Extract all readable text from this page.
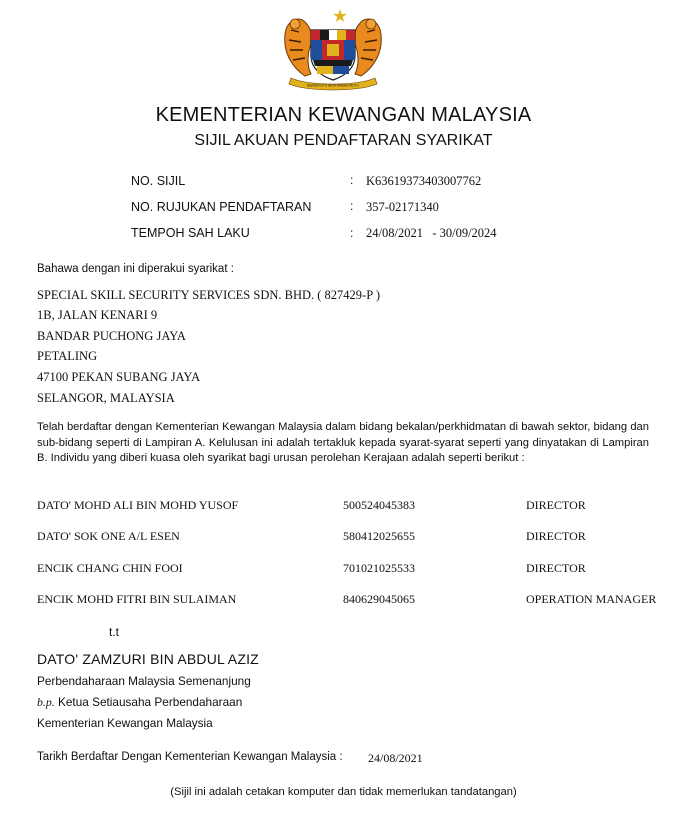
BERSEKUTU BERTAMBAH MUTU
KEMENTERIAN KEWANGAN MALAYSIA
SIJIL AKUAN PENDAFTARAN SYARIKAT
NO. SIJIL	: K63619373403007762
NO. RUJUKAN PENDAFTARAN	: 357-02171340
TEMPOH SAH LAKU	: 24/08/2021   - 30/09/2024
Bahawa dengan ini diperakui syarikat :
SPECIAL SKILL SECURITY SERVICES SDN. BHD. ( 827429-P )
1B, JALAN KENARI 9
BANDAR PUCHONG JAYA
PETALING
47100 PEKAN SUBANG JAYA
SELANGOR, MALAYSIA
Telah berdaftar dengan Kementerian Kewangan Malaysia dalam bidang bekalan/perkhidmatan di bawah sektor, bidang dan sub-bidang seperti di Lampiran A. Kelulusan ini adalah tertakluk kepada syarat-syarat seperti yang dinyatakan di Lampiran B. Individu yang diberi kuasa oleh syarikat bagi urusan perolehan Kerajaan adalah seperti berikut :
DATO' MOHD ALI BIN MOHD YUSOF	500524045383	DIRECTOR
DATO' SOK ONE A/L ESEN	580412025655	DIRECTOR
ENCIK CHANG CHIN FOOI	701021025533	DIRECTOR
ENCIK MOHD FITRI BIN SULAIMAN	840629045065	OPERATION MANAGER
t.t
DATO' ZAMZURI BIN ABDUL AZIZ
Perbendaharaan Malaysia Semenanjung
b.p. Ketua Setiausaha Perbendaharaan
Kementerian Kewangan Malaysia
Tarikh Berdaftar Dengan Kementerian Kewangan Malaysia : 24/08/2021
(Sijil ini adalah cetakan komputer dan tidak memerlukan tandatangan)
